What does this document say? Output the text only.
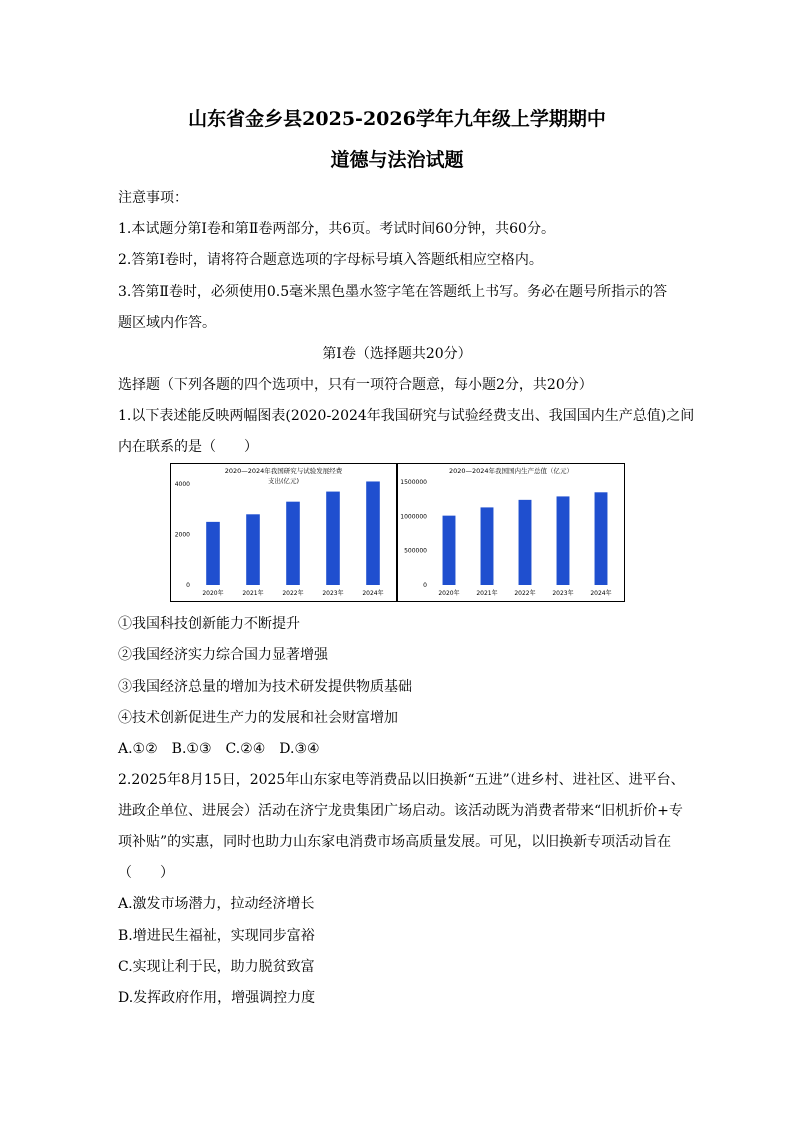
山东省金乡县2025-2026学年九年级上学期期中
道德与法治试题
注意事项：
1.本试题分第Ⅰ卷和第Ⅱ卷两部分，共6页。考试时间60分钟，共60分。
2.答第Ⅰ卷时，请将符合题意选项的字母标号填入答题纸相应空格内。
3.答第Ⅱ卷时，必须使用0.5毫米黑色墨水签字笔在答题纸上书写。务必在题号所指示的答
题区域内作答。
第Ⅰ卷（选择题共20分）
选择题（下列各题的四个选项中，只有一项符合题意，每小题2分，共20分）
1.以下表述能反映两幅图表(2020-2024年我国研究与试验经费支出、我国国内生产总值)之间
内在联系的是（　　）
2020—2024年我国研究与试验发展经费
支出(亿元)
0
2000
4000
2020年	2021年	2022年	2023年	2024年
2020—2024年我国国内生产总值（亿元）
0
500000
1000000
1500000
2020年	2021年	2022年	2023年	2024年
①我国科技创新能力不断提升
②我国经济实力综合国力显著增强
③我国经济总量的增加为技术研发提供物质基础
④技术创新促进生产力的发展和社会财富增加
A.①②　B.①③　C.②④　D.③④
2.2025年8月15日，2025年山东家电等消费品以旧换新“五进”（进乡村、进社区、进平台、
进政企单位、进展会）活动在济宁龙贵集团广场启动。该活动既为消费者带来“旧机折价+专
项补贴”的实惠，同时也助力山东家电消费市场高质量发展。可见，以旧换新专项活动旨在
（　　）
A.激发市场潜力，拉动经济增长
B.增进民生福祉，实现同步富裕
C.实现让利于民，助力脱贫致富
D.发挥政府作用，增强调控力度
